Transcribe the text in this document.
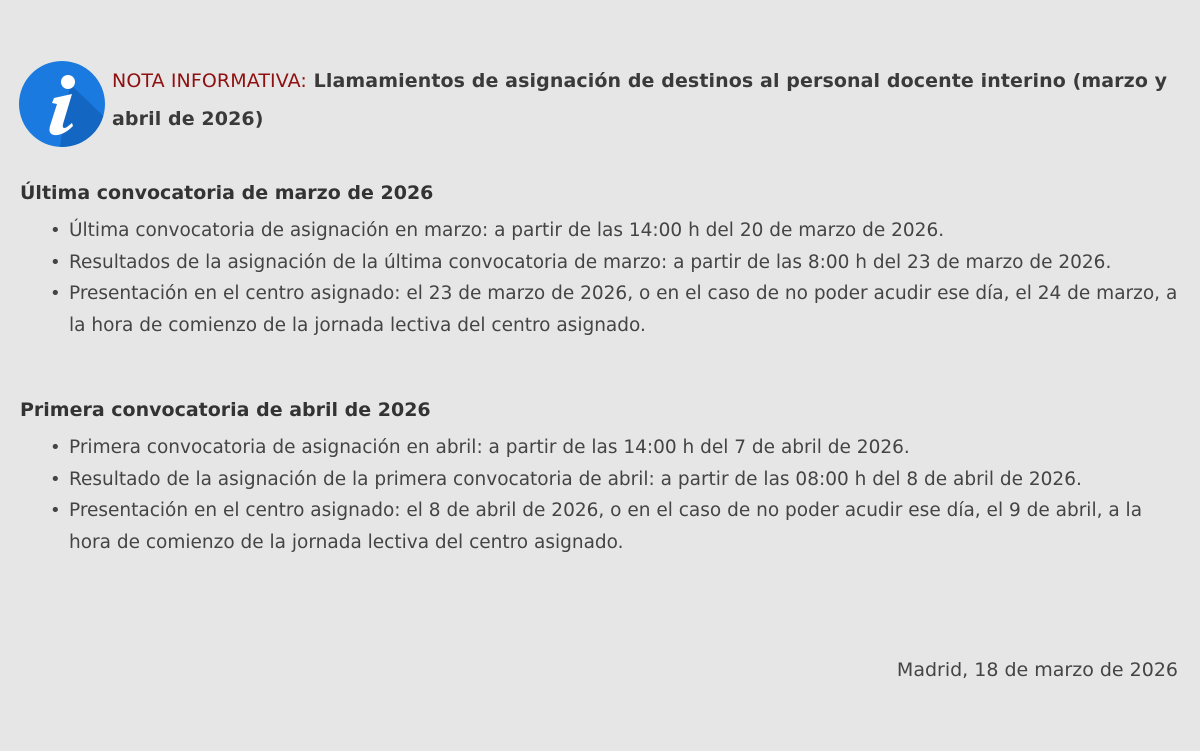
NOTA INFORMATIVA: Llamamientos de asignación de destinos al personal docente interino (marzo y abril de 2026)
Última convocatoria de marzo de 2026
• Última convocatoria de asignación en marzo: a partir de las 14:00 h del 20 de marzo de 2026.
• Resultados de la asignación de la última convocatoria de marzo: a partir de las 8:00 h del 23 de marzo de 2026.
• Presentación en el centro asignado: el 23 de marzo de 2026, o en el caso de no poder acudir ese día, el 24 de marzo, a la hora de comienzo de la jornada lectiva del centro asignado.
Primera convocatoria de abril de 2026
• Primera convocatoria de asignación en abril: a partir de las 14:00 h del 7 de abril de 2026.
• Resultado de la asignación de la primera convocatoria de abril: a partir de las 08:00 h del 8 de abril de 2026.
• Presentación en el centro asignado: el 8 de abril de 2026, o en el caso de no poder acudir ese día, el 9 de abril, a la hora de comienzo de la jornada lectiva del centro asignado.
Madrid, 18 de marzo de 2026
